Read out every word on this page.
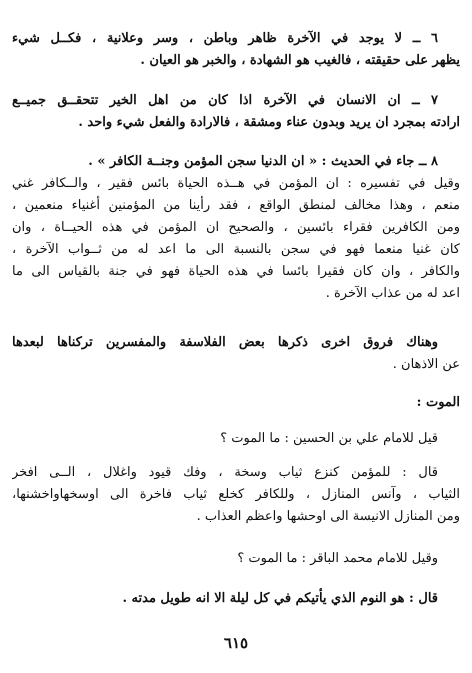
٦ ــ لا يوجد في الآخرة ظاهر وباطن ، وسر وعلانية ، فكــل شيء
يظهر على حقيقته ، فالغيب هو الشهادة ، والخبر هو العيان .
٧ ــ ان الانسان في الآخرة اذا كان من اهل الخير تتحقــق جميــع
ارادته بمجرد ان يريد وبدون عناء ومشقة ، فالارادة والفعل شيء واحد .
٨ ــ جاء في الحديث : « ان الدنيا سجن المؤمن وجنــة الكافر » .
وقيل في تفسيره : ان المؤمن في هــذه الحياة بائس فقير ، والــكافر غني
منعم ، وهذا مخالف لمنطق الواقع ، فقد رأينا من المؤمنين أغنياء منعمين ،
ومن الكافرين فقراء بائسين ، والصحيح ان المؤمن في هذه الحيــاة ، وان
كان غنيا منعما فهو في سجن بالنسبة الى ما اعد له من ثــواب الآخرة ،
والكافر ، وان كان فقيرا بائسا في هذه الحياة فهو في جنة بالقياس الى ما
اعد له من عذاب الآخرة .
وهناك فروق اخرى ذكرها بعض الفلاسفة والمفسرين تركناها لبعدها
عن الاذهان .
الموت :
قيل للامام علي بن الحسين : ما الموت ؟
قال : للمؤمن كنزع ثياب وسخة ، وفك قيود واغلال ، الــى افخر
الثياب ، وآنس المنازل ، وللكافر كخلع ثياب فاخرة الى اوسخهاواخشنها،
ومن المنازل الانيسة الى اوحشها واعظم العذاب .
وقيل للامام محمد الباقر : ما الموت ؟
قال : هو النوم الذي يأتيكم في كل ليلة الا انه طويل مدته .
٦١٥
